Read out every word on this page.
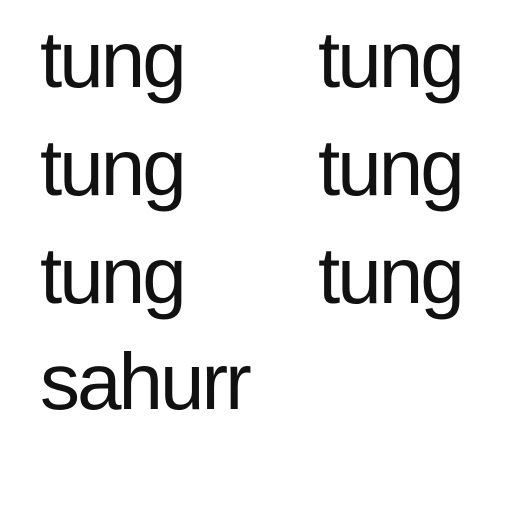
tung tung

tung tung

tung tung

sahurr
